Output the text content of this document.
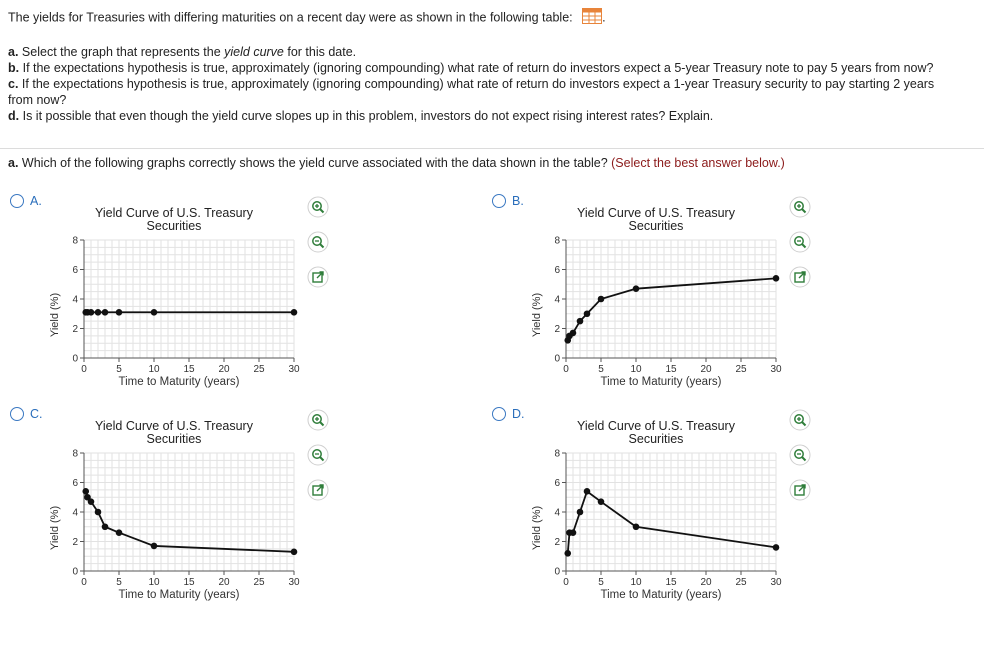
The yields for Treasuries with differing maturities on a recent day were as shown in the following table: .

a. Select the graph that represents the yield curve for this date.

b. If the expectations hypothesis is true, approximately (ignoring compounding) what rate of return do investors expect a 5-year Treasury note to pay 5 years from now?

c. If the expectations hypothesis is true, approximately (ignoring compounding) what rate of return do investors expect a 1-year Treasury security to pay starting 2 years from now?

d. Is it possible that even though the yield curve slopes up in this problem, investors do not expect rising interest rates? Explain.

a. Which of the following graphs correctly shows the yield curve associated with the data shown in the table? (Select the best answer below.)
A.	B.
C.	D.
Yield Curve of U.S. Treasury
Securities
0	5	10 15 20 25 30
0
2
4
6
8
Time to Maturity (years)
Yield (%)
Yield Curve of U.S. Treasury
Securities
0	5	10 15 20 25 30
0
2
4
6
8
Time to Maturity (years)
Yield (%)
Yield Curve of U.S. Treasury
Securities
0	5	10 15 20 25 30
0
2
4
6
8
Time to Maturity (years)
Yield (%)
Yield Curve of U.S. Treasury
Securities
0	5	10 15 20 25 30
0
2
4
6
8
Time to Maturity (years)
Yield (%)
